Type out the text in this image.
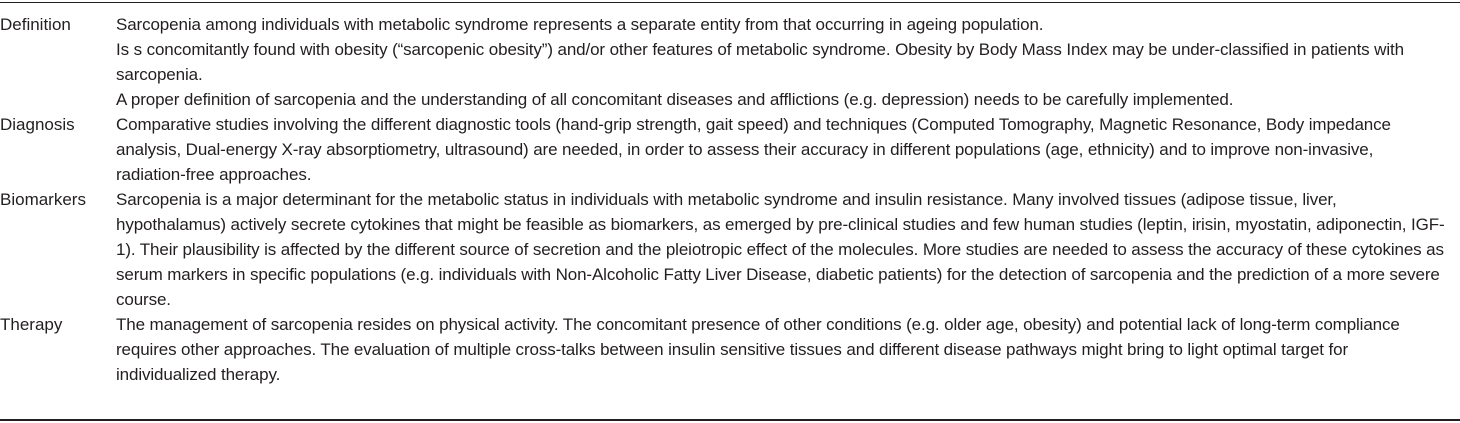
Definition	Sarcopenia among individuals with metabolic syndrome represents a separate entity from that occurring in ageing population.

Is s concomitantly found with obesity (“sarcopenic obesity”) and/or other features of metabolic syndrome. Obesity by Body Mass Index may be under-classified in patients with sarcopenia.

A proper definition of sarcopenia and the understanding of all concomitant diseases and afflictions (e.g. depression) needs to be carefully implemented.

Diagnosis	Comparative studies involving the different diagnostic tools (hand-grip strength, gait speed) and techniques (Computed Tomography, Magnetic Resonance, Body impedance analysis, Dual-energy X-ray absorptiometry, ultrasound) are needed, in order to assess their accuracy in different populations (age, ethnicity) and to improve non-invasive, radiation-free approaches.

Biomarkers	Sarcopenia is a major determinant for the metabolic status in individuals with metabolic syndrome and insulin resistance. Many involved tissues (adipose tissue, liver, hypothalamus) actively secrete cytokines that might be feasible as biomarkers, as emerged by pre-clinical studies and few human studies (leptin, irisin, myostatin, adiponectin, IGF-1). Their plausibility is affected by the different source of secretion and the pleiotropic effect of the molecules. More studies are needed to assess the accuracy of these cytokines as serum markers in specific populations (e.g. individuals with Non-Alcoholic Fatty Liver Disease, diabetic patients) for the detection of sarcopenia and the prediction of a more severe course.

Therapy	The management of sarcopenia resides on physical activity. The concomitant presence of other conditions (e.g. older age, obesity) and potential lack of long-term compliance requires other approaches. The evaluation of multiple cross-talks between insulin sensitive tissues and different disease pathways might bring to light optimal target for individualized therapy.
